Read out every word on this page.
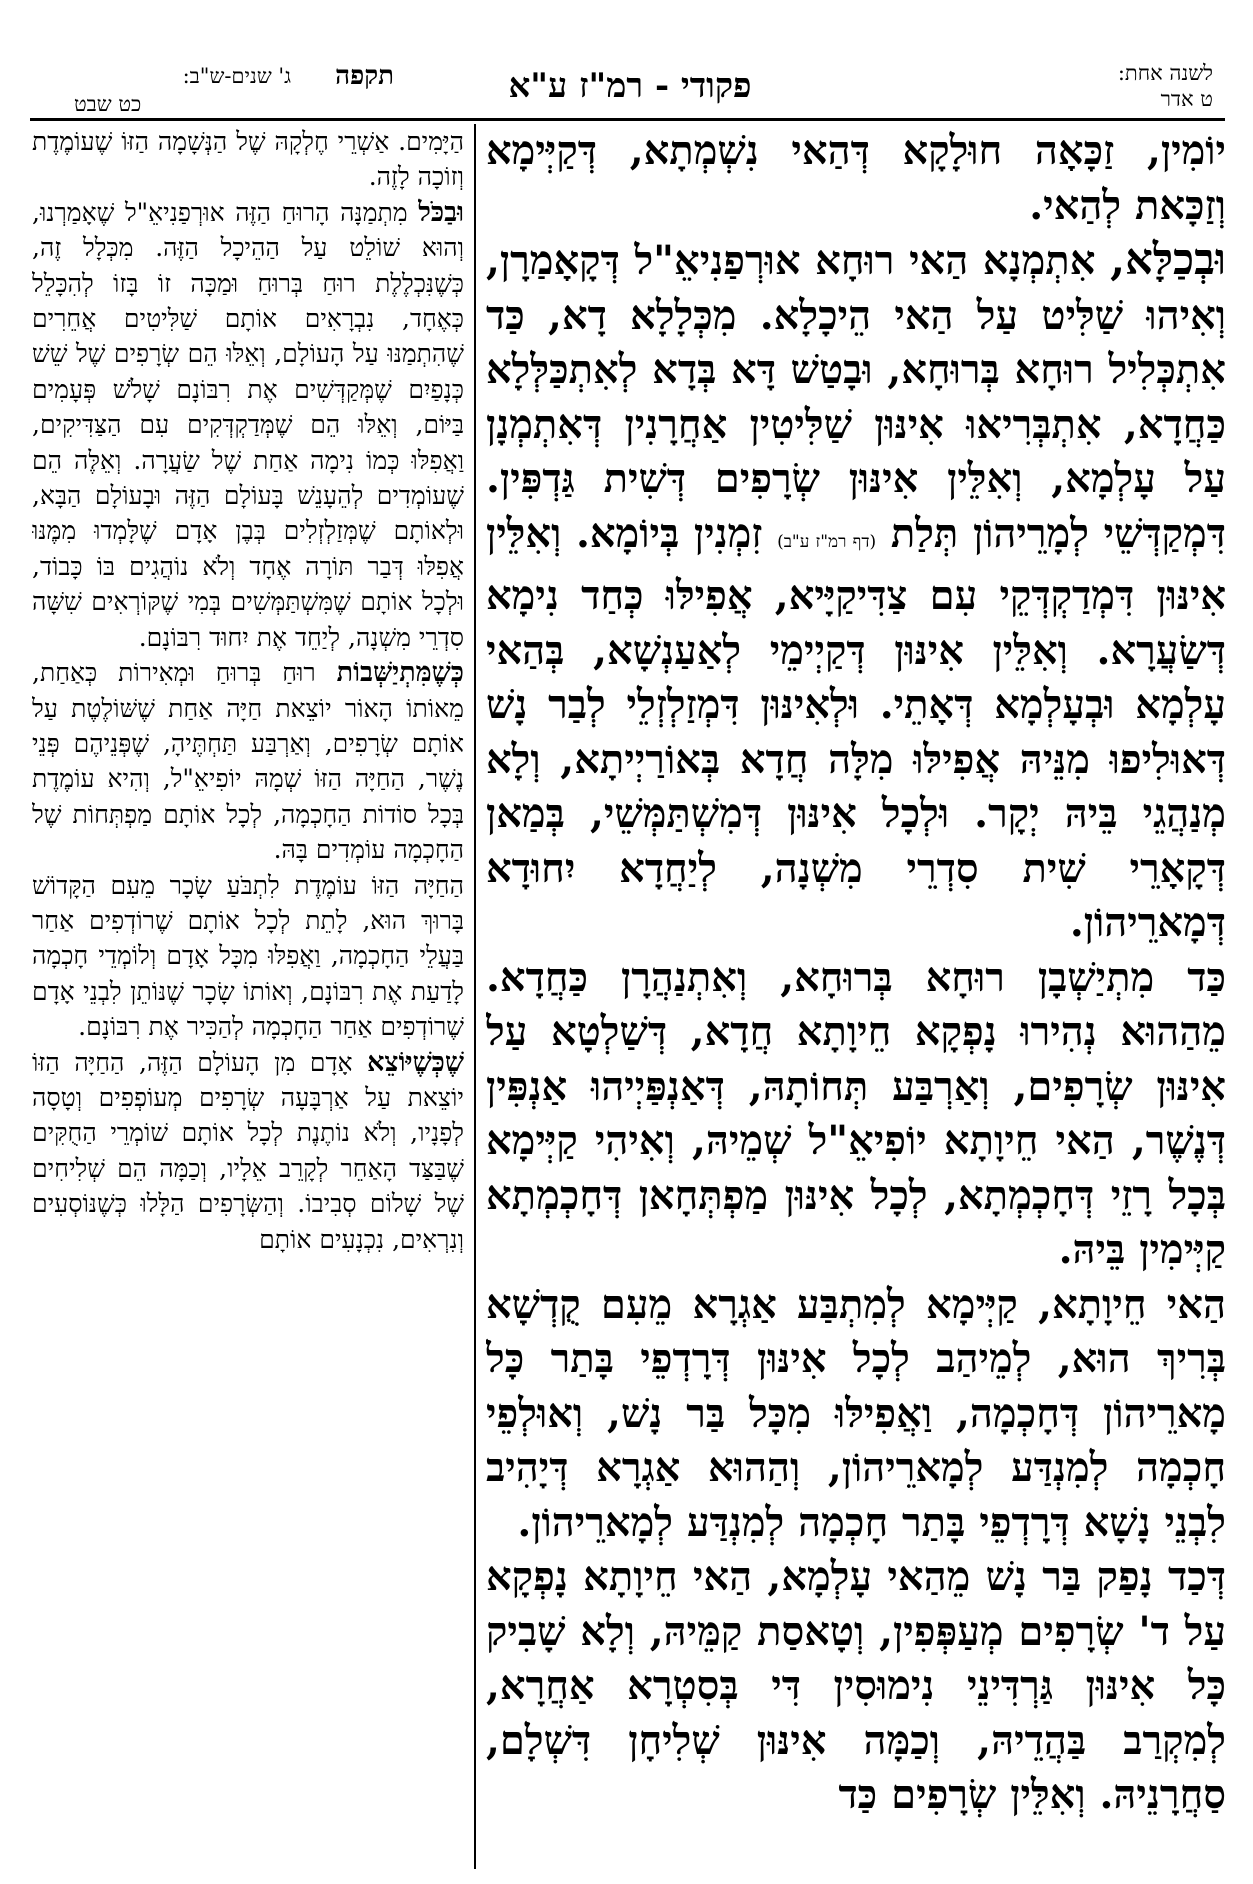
לשנה אחת:
ט אדר
פקודי - רמ"ז ע"א
תקפה
ג' שנים-ש"ב:
כט שבט

יוֹמִין, זַכָּאָה חוּלָקָא דְּהַאי נִשְׁמְתָא, דְּקַיְּימָא וְזַכָּאת לְהַאי.

וּבְכַלָּא, אִתְמְנָא הַאי רוּחָא אוּרְפַנִיאֵ"ל דְּקָאָמַרָן, וְאִיהוּ שַׁלִּיט עַל הַאי הֵיכָלָא. מִכְּלָלָא דָא, כַּד אִתְכְּלִיל רוּחָא בְּרוּחָא, וּבָטַשׁ דָּא בְּדָא לְאִתְכַּלְּלָא כַּחֲדָא, אִתְבְּרִיאוּ אִינּוּן שַׁלִּיטִין אַחֲרָנִין דְּאִתְמְנָן עַל עָלְמָא, וְאִלֵּין אִינּוּן שְׂרָפִים דְּשִׁית גַּדְפִּין. דִּמְקַדְּשֵׁי לְמָרֵיהוֹן תְּלַת (דף רמ"ז ע"ב) זִמְנִין בְּיוֹמָא. וְאִלֵּין אִינּוּן דִּמְדַקְדְּקֵי עִם צַדִּיקַיָּיא, אֲפִילּוּ כְּחַד נִימָא דְּשַׂעֲרָא. וְאִלֵּין אִינּוּן דְּקַיְימֵי לְאַעַנְשָׁא, בְּהַאי עָלְמָא וּבְעָלְמָא דְּאָתֵי. וּלְאִינּוּן דִּמְזַלְזְלֵי לְבַר נָשׁ דְּאוּלִיפוּ מִנֵּיהּ אֲפִילּוּ מִלָּה חֲדָא בְּאוֹרַיְיתָא, וְלָא מְנַהֲגֵי בֵּיהּ יְקָר. וּלְכָל אִינּוּן דְּמִשְׁתַּמְּשֵׁי, בְּמַאן דְּקָאָרֵי שִׁית סִדְרֵי מִשְׁנָה, לְיַחֲדָא יִחוּדָא דְּמָארֵיהוֹן.

כַּד מִתְיַשְׁבָן רוּחָא בְּרוּחָא, וְאִתְנַהֲרָן כַּחֲדָא. מֵהַהוּא נְהִירוּ נָפְקָא חֵיוָתָא חֲדָא, דְּשַׁלְטָא עַל אִינּוּן שְׂרָפִים, וְאַרְבַּע תְּחוֹתָהּ, דְּאַנְפַּיְיהוּ אַנְפִּין דְּנֶשֶׁר, הַאי חֵיוָתָא יוֹפִיאֵ"ל שְׁמֵיהּ, וְאִיהִי קַיְּימָא בְּכָל רָזֵי דְּחָכְמְתָא, לְכָל אִינּוּן מַפְתְּחָאן דְּחָכְמְתָא קַיְּימִין בֵּיהּ.

הַאי חֵיוָתָא, קַיְּימָא לְמִתְבַּע אַגְרָא מֵעִם קֻדְשָׁא בְּרִיךְ הוּא, לְמֵיהַב לְכָל אִינּוּן דְּרָדְפֵי בָּתַר כָּל מָארֵיהוֹן דְּחָכְמָה, וַאֲפִילּוּ מִכָּל בַּר נָשׁ, וְאוּלְפֵי חָכְמָה לְמִנְדַּע לְמָארֵיהוֹן, וְהַהוּא אַגְרָא דְּיָהִיב לִבְנֵי נָשָׁא דְּרָדְפֵי בָּתַר חָכְמָה לְמִנְדַּע לְמָארֵיהוֹן.

דְּכַד נָפַק בַּר נָשׁ מֵהַאי עָלְמָא, הַאי חֵיוָתָא נָפְקָא עַל ד' שְׂרָפִים מְעַפְּפִין, וְטָאסַת קַמֵּיהּ, וְלָא שָׁבִיק כָּל אִינּוּן גַּרְדִּינֵי נִימוּסִין דִּי בְּסִטְרָא אַחֲרָא, לְמִקְרַב בַּהֲדֵיהּ, וְכַמָּה אִינּוּן שְׁלִיחָן דִּשְׁלָם, סַחֲרָנֵיהּ. וְאִלֵּין שְׂרָפִים כַּד

הַיָּמִים. אַשְׁרֵי חֶלְקָהּ שֶׁל הַנְּשָׁמָה הַזּוֹ שֶׁעוֹמֶדֶת וְזוֹכָה לָזֶה.

וּבַכֹּל מִתְמַנָּה הָרוּחַ הַזֶּה אוּרְפַנִיאֵ"ל שֶׁאָמַרְנוּ, וְהוּא שׁוֹלֵט עַל הַהֵיכָל הַזֶּה. מִכְּלָל זֶה, כְּשֶׁנִּכְלֶלֶת רוּחַ בְּרוּחַ וּמַכָּה זוֹ בָּזוֹ לְהִכָּלֵל כְּאֶחָד, נִבְרָאִים אוֹתָם שַׁלִּיטִים אֲחֵרִים שֶׁהִתְמַנּוּ עַל הָעוֹלָם, וְאֵלּוּ הֵם שְׂרָפִים שֶׁל שֵׁשׁ כְּנָפַיִם שֶׁמְּקַדְּשִׁים אֶת רִבּוֹנָם שָׁלֹשׁ פְּעָמִים בַּיּוֹם, וְאֵלּוּ הֵם שֶׁמְּדַקְדְּקִים עִם הַצַּדִּיקִים, וַאֲפִלּוּ כְּמוֹ נִימָה אַחַת שֶׁל שַׂעֲרָה. וְאֵלֶּה הֵם שֶׁעוֹמְדִים לְהֵעָנֵשׁ בָּעוֹלָם הַזֶּה וּבָעוֹלָם הַבָּא, וּלְאוֹתָם שֶׁמְּזַלְזְלִים בְּבֶן אָדָם שֶׁלָּמְדוּ מִמֶּנּוּ אֲפִלּוּ דְּבַר תּוֹרָה אֶחָד וְלֹא נוֹהֲגִים בּוֹ כָּבוֹד, וּלְכָל אוֹתָם שֶׁמִּשְׁתַּמְּשִׁים בְּמִי שֶׁקּוֹרְאִים שִׁשָּׁה סִדְרֵי מִשְׁנָה, לְיַחֵד אֶת יִחוּד רִבּוֹנָם.

כְּשֶׁמִּתְיַשְּׁבוֹת רוּחַ בְּרוּחַ וּמְאִירוֹת כְּאַחַת, מֵאוֹתוֹ הָאוֹר יוֹצֵאת חַיָּה אַחַת שֶׁשּׁוֹלֶטֶת עַל אוֹתָם שְׂרָפִים, וְאַרְבַּע תַּחְתֶּיהָ, שֶׁפְּנֵיהֶם פְּנֵי נֶשֶׁר, הַחַיָּה הַזּוֹ שְׁמָהּ יוֹפִיאֵ"ל, וְהִיא עוֹמֶדֶת בְּכָל סוֹדוֹת הַחָכְמָה, לְכָל אוֹתָם מַפְתְּחוֹת שֶׁל הַחָכְמָה עוֹמְדִים בָּהּ.

הַחַיָּה הַזּוֹ עוֹמֶדֶת לִתְבֹּעַ שָׂכָר מֵעִם הַקָּדוֹשׁ בָּרוּךְ הוּא, לָתֵת לְכָל אוֹתָם שֶׁרוֹדְפִים אַחַר בַּעֲלֵי הַחָכְמָה, וַאֲפִלּוּ מִכָּל אָדָם וְלוֹמְדֵי חָכְמָה לָדַעַת אֶת רִבּוֹנָם, וְאוֹתוֹ שָׂכָר שֶׁנּוֹתֵן לִבְנֵי אָדָם שֶׁרוֹדְפִים אַחַר הַחָכְמָה לְהַכִּיר אֶת רִבּוֹנָם.

שֶׁכְּשֶׁיּוֹצֵא אָדָם מִן הָעוֹלָם הַזֶּה, הַחַיָּה הַזּוֹ יוֹצֵאת עַל אַרְבָּעָה שְׂרָפִים מְעוֹפְפִים וְטָסָה לְפָנָיו, וְלֹא נוֹתֶנֶת לְכָל אוֹתָם שׁוֹמְרֵי הַחֻקִּים שֶׁבַּצַּד הָאַחֵר לְקָרֵב אֵלָיו, וְכַמָּה הֵם שְׁלִיחִים שֶׁל שָׁלוֹם סְבִיבוֹ. וְהַשְּׂרָפִים הַלָּלוּ כְּשֶׁנּוֹסְעִים וְנִרְאִים, נִכְנָעִים אוֹתָם
